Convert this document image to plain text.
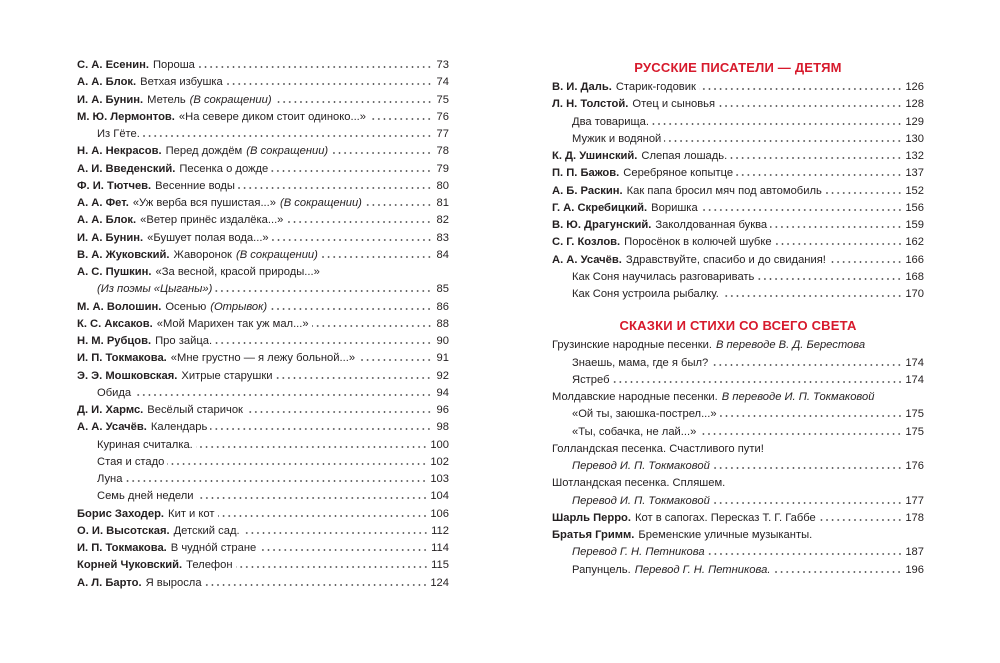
С. А. Есенин. Пороша	73
А. А. Блок. Ветхая избушка	74
И. А. Бунин. Метель (В сокращении)	75
М. Ю. Лермонтов. «На севере диком стоит одиноко...»	76
Из Гёте.	77
Н. А. Некрасов. Перед дождём (В сокращении)	78
А. И. Введенский. Песенка о дожде	79
Ф. И. Тютчев. Весенние воды	80
А. А. Фет. «Уж верба вся пушистая...» (В сокращении)	81
А. А. Блок. «Ветер принёс издалёка...»	82
И. А. Бунин. «Бушует полая вода...»	83
В. А. Жуковский. Жаворонок (В сокращении)	84
А. С. Пушкин. «За весной, красой природы...»
(Из поэмы «Цыганы»)	85
М. А. Волошин. Осенью (Отрывок)	86
К. С. Аксаков. «Мой Марихен так уж мал...»	88
Н. М. Рубцов. Про зайца.	90
И. П. Токмакова. «Мне грустно — я лежу больной...»	91
Э. Э. Мошковская. Хитрые старушки	92
Обида	94
Д. И. Хармс. Весёлый старичок	96
А. А. Усачёв. Календарь	98
Куриная считалка.	100
Стая и стадо	102
Луна	103
Семь дней недели	104
Борис Заходер. Кит и кот	106
О. И. Высотская. Детский сад.	112
И. П. Токмакова. В чудно́й стране	114
Корней Чуковский. Телефон	115
А. Л. Барто. Я выросла	124
РУССКИЕ ПИСАТЕЛИ — ДЕТЯМ
В. И. Даль. Старик-годовик	126
Л. Н. Толстой. Отец и сыновья	128
Два товарища.	129
Мужик и водяной	130
К. Д. Ушинский. Слепая лошадь.	132
П. П. Бажов. Серебряное копытце	137
А. Б. Раскин. Как папа бросил мяч под автомобиль	152
Г. А. Скребицкий. Воришка	156
В. Ю. Драгунский. Заколдованная буква	159
С. Г. Козлов. Поросёнок в колючей шубке	162
А. А. Усачёв. Здравствуйте, спасибо и до свидания!	166
Как Соня научилась разговаривать	168
Как Соня устроила рыбалку.	170
СКАЗКИ И СТИХИ СО ВСЕГО СВЕТА
Грузинские народные песенки. В переводе В. Д. Берестова
Знаешь, мама, где я был?	174
Ястреб	174
Молдавские народные песенки. В переводе И. П. Токмаковой
«Ой ты, заюшка-пострел...»	175
«Ты, собачка, не лай...»	175
Голландская песенка. Счастливого пути!
Перевод И. П. Токмаковой	176
Шотландская песенка. Спляшем.
Перевод И. П. Токмаковой	177
Шарль Перро. Кот в сапогах. Пересказ Т. Г. Габбе	178
Братья Гримм. Бременские уличные музыканты.
Перевод Г. Н. Петникова	187
Рапунцель. Перевод Г. Н. Петникова.	196
